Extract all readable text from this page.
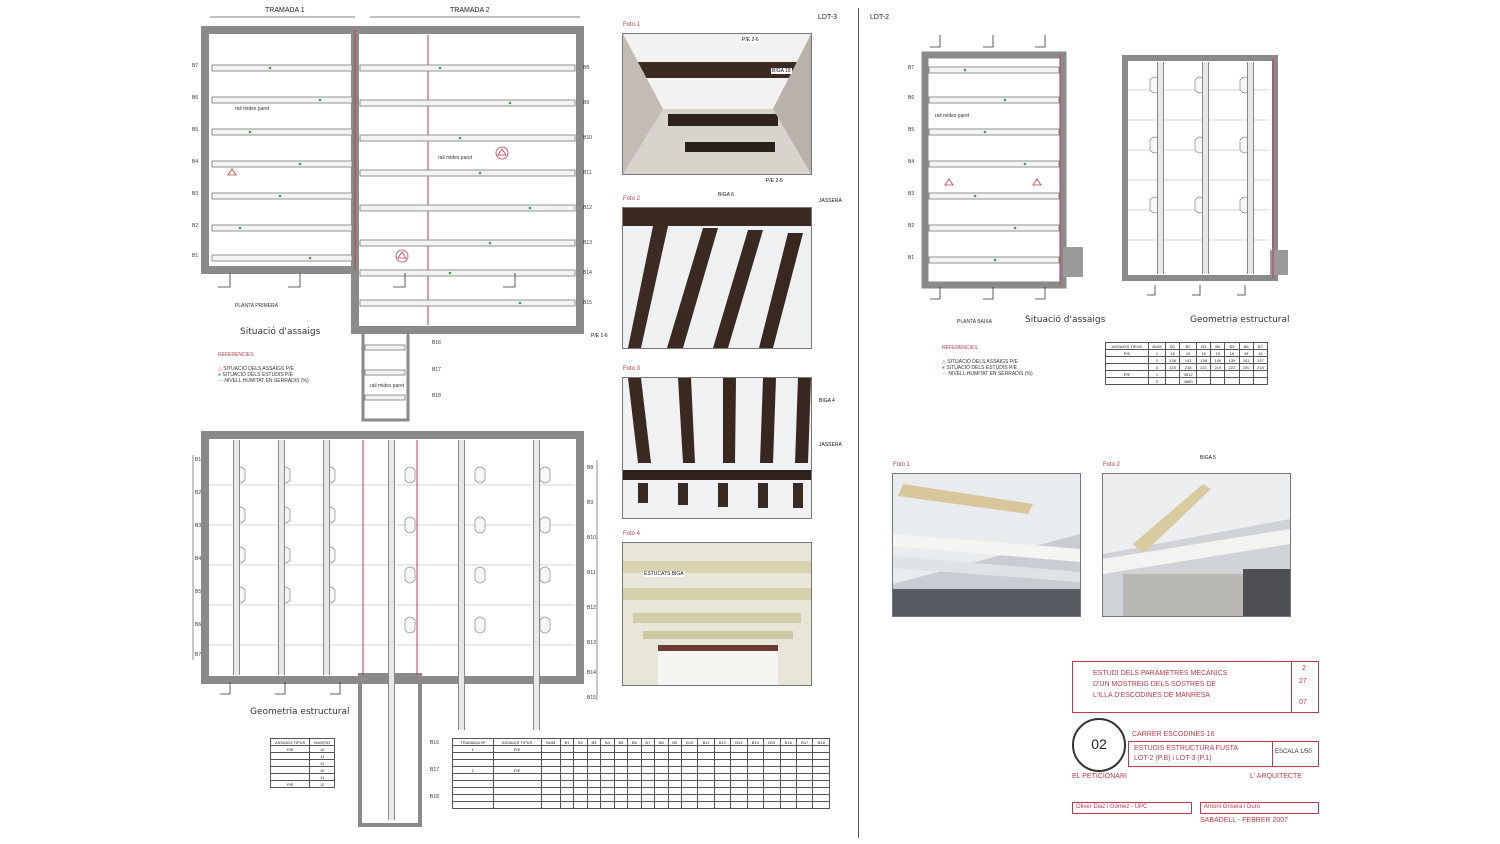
TRAMADA 1	TRAMADA 2
B7
B6
B5
B4
B3
B2
B1
B8
B9
B10
B11
B12
B13
B14
B15
B16
B17
B18
rail mides paret
rail mides paret
rail mides paret
PLANTA PRIMERA
Situació d'assaigs
REFERENCIES
△ SITUACIÓ DELS ASSAIGS P/E
● SITUACIÓ DELS ESTUDIS P/E
— NIVELL HUMITAT EN SERRADIS (%)
B1
B2
B3
B4
B5
B6
B7
B8
B9
B10
B11
B12
B13
B14
B15
B16
B17
B18
Geometria estructural
ASSAIGS TIPUS	HUMITAT
P/E	10
	11
	12
	10
	11
P/E	12
TRAMADA Nº	ASSAIGS TIPUS	NUM	B1	B2	B3	B4	B5	B6	B7	B8	B9	B10	B11	B12	B13	B14	B15	B16	B17	B18
1	P/E																			

2	P/E																			

Foto 1
P/E 2-6
BIGA 18
P/E 2-6
Foto 2
BIGA 6
JASSERA
P/E 1-6
Foto 3
BIGA 4
JASSERA
Foto 4
ESTUCATS BIGA
LDT-3	LDT-2
B7
B6
B5
B4
B3
B2
B1
rail mides paret
PLANTA BAIXA	Situació d'assaigs	Geometria estructural
REFERENCIES
△ SITUACIÓ DELS ASSAIGS P/E
● SITUACIÓ DELS ESTUDIS P/E
— NIVELL HUMITAT EN SERRADIS (%)
ASSAIGS TIPUS	NUM	B1	B2	B3	B4	B5	B6	B7
P/E	1	16	15	16	15	16	15	16
	2	136	142	138	140	139	141	137
	3	220	218	221	219	222	220	218
P/E	1		4512					
	2		4580					
Foto 1	Foto 2
BIGA 5
ESTUDI DELS PARÀMETRES MECÀNICS
D'UN MOSTREIG DELS SOSTRES DE
L'ILLA D'ESCODINES DE MANRESA
2
27
07
02
CARRER ESCODINES 16
ESTUDIS ESTRUCTURA FUSTA
LOT-2 (P.B) i LOT-3 (P.1)
ESCALA 1/50
EL PETICIONARI	L' ARQUITECTE
Oliver Diaz i Gómez - UPC	Antoni Grisera i Duro
SABADELL - FEBRER 2007
